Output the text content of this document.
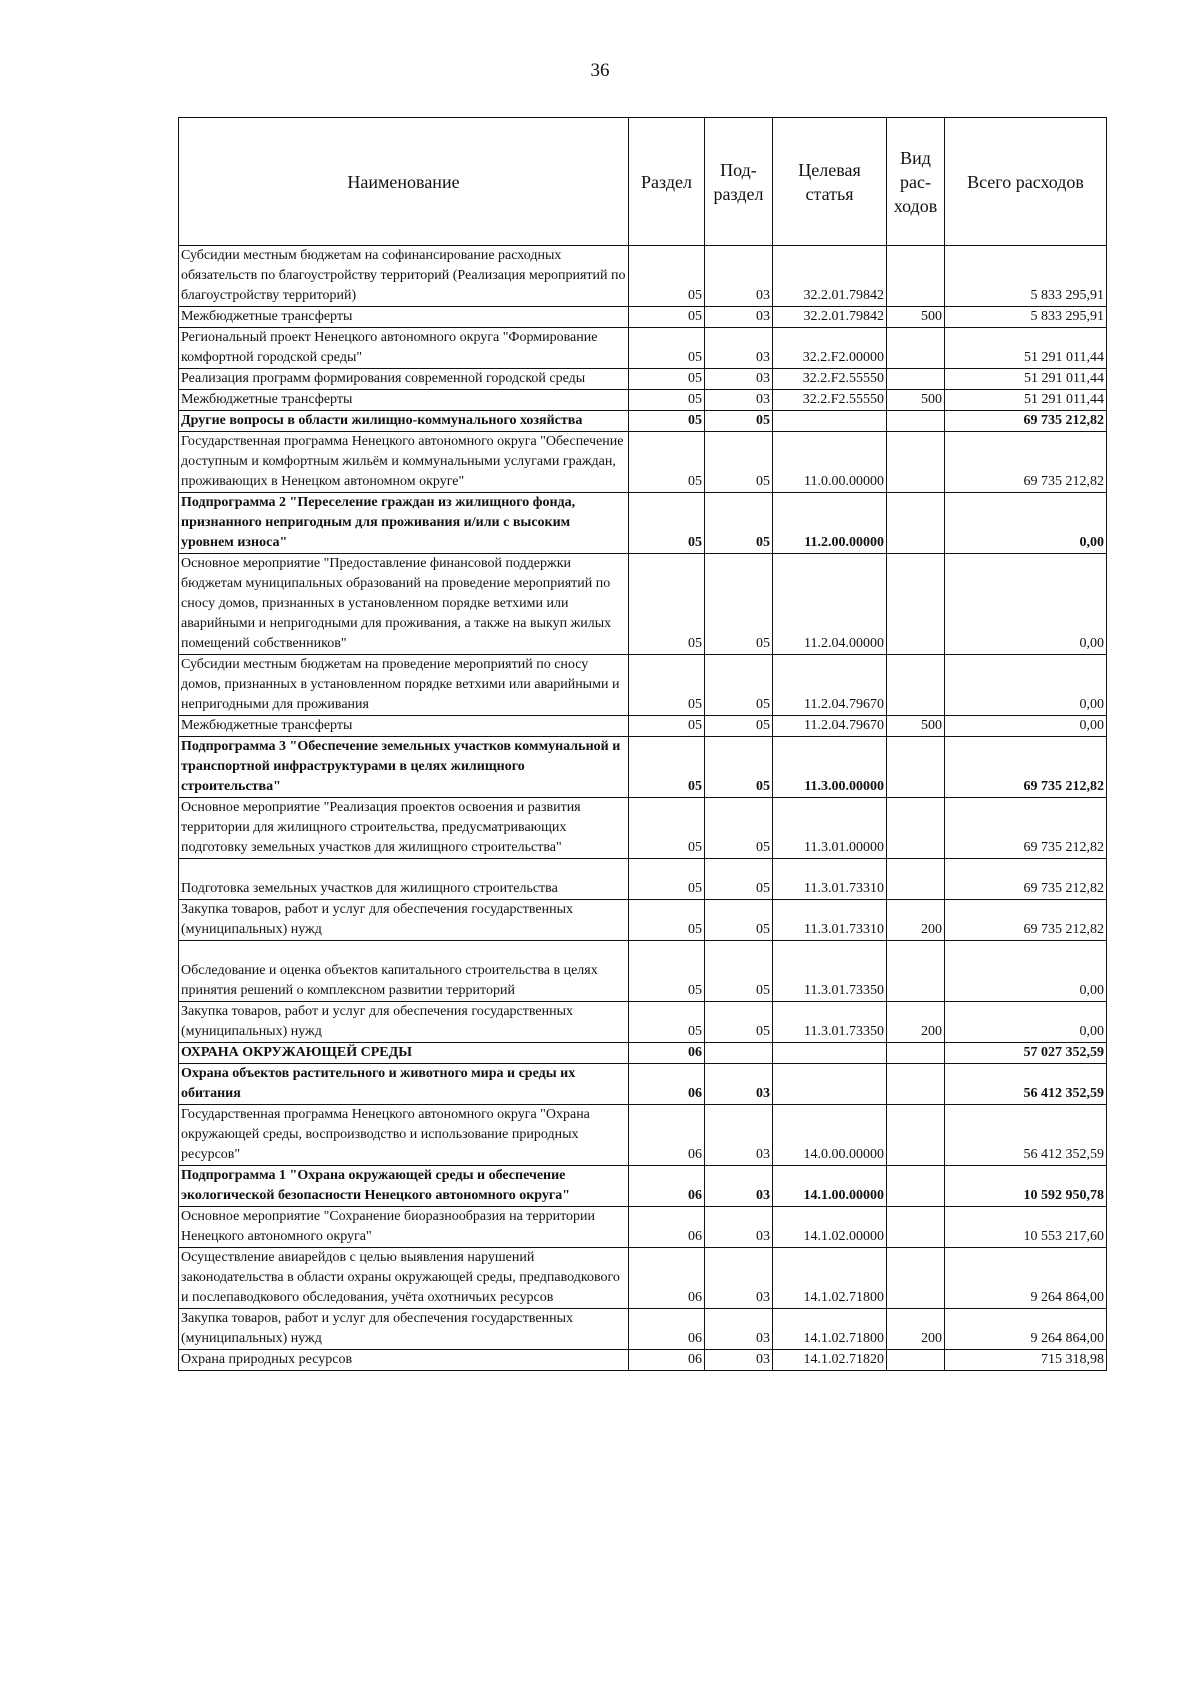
36
Наименование	Раздел	Под-раздел	Целевая статья	Вид рас-ходов	Всего расходов
Субсидии местным бюджетам на софинансирование расходных обязательств по благоустройству территорий (Реализация мероприятий по благоустройству территорий)	05	03	32.2.01.79842		5 833 295,91
Межбюджетные трансферты	05	03	32.2.01.79842	500	5 833 295,91
Региональный проект Ненецкого автономного округа "Формирование комфортной городской среды"	05	03	32.2.F2.00000		51 291 011,44
Реализация программ формирования современной городской среды	05	03	32.2.F2.55550		51 291 011,44
Межбюджетные трансферты	05	03	32.2.F2.55550	500	51 291 011,44
Другие вопросы в области жилищно-коммунального хозяйства	05	05			69 735 212,82
Государственная программа Ненецкого автономного округа "Обеспечение доступным и комфортным жильём и коммунальными услугами граждан, проживающих в Ненецком автономном округе"	05	05	11.0.00.00000		69 735 212,82
Подпрограмма 2 "Переселение граждан из жилищного фонда, признанного непригодным для проживания и/или с высоким уровнем износа"	05	05	11.2.00.00000		0,00
Основное мероприятие "Предоставление финансовой поддержки бюджетам муниципальных образований на проведение мероприятий по сносу домов, признанных в установленном порядке ветхими или аварийными и непригодными для проживания, а также на выкуп жилых помещений собственников"	05	05	11.2.04.00000		0,00
Субсидии местным бюджетам на проведение мероприятий по сносу домов, признанных в установленном порядке ветхими или аварийными и непригодными для проживания	05	05	11.2.04.79670		0,00
Межбюджетные трансферты	05	05	11.2.04.79670	500	0,00
Подпрограмма 3 "Обеспечение земельных участков коммунальной и транспортной инфраструктурами в целях жилищного строительства"	05	05	11.3.00.00000		69 735 212,82
Основное мероприятие "Реализация проектов освоения и развития территории для жилищного строительства, предусматривающих подготовку земельных участков для жилищного строительства"	05	05	11.3.01.00000		69 735 212,82
Подготовка земельных участков для жилищного строительства	05	05	11.3.01.73310		69 735 212,82
Закупка товаров, работ и услуг для обеспечения государственных (муниципальных) нужд	05	05	11.3.01.73310	200	69 735 212,82
Обследование и оценка объектов капитального строительства в целях принятия решений о комплексном развитии территорий	05	05	11.3.01.73350		0,00
Закупка товаров, работ и услуг для обеспечения государственных (муниципальных) нужд	05	05	11.3.01.73350	200	0,00
ОХРАНА ОКРУЖАЮЩЕЙ СРЕДЫ	06				57 027 352,59
Охрана объектов растительного и животного мира и среды их обитания	06	03			56 412 352,59
Государственная программа Ненецкого автономного округа "Охрана окружающей среды, воспроизводство и использование природных ресурсов"	06	03	14.0.00.00000		56 412 352,59
Подпрограмма 1 "Охрана окружающей среды и обеспечение экологической безопасности Ненецкого автономного округа"	06	03	14.1.00.00000		10 592 950,78
Основное мероприятие "Сохранение биоразнообразия на территории Ненецкого автономного округа"	06	03	14.1.02.00000		10 553 217,60
Осуществление авиарейдов с целью выявления нарушений законодательства в области охраны окружающей среды, предпаводкового и послепаводкового обследования, учёта охотничьих ресурсов	06	03	14.1.02.71800		9 264 864,00
Закупка товаров, работ и услуг для обеспечения государственных (муниципальных) нужд	06	03	14.1.02.71800	200	9 264 864,00
Охрана природных ресурсов	06	03	14.1.02.71820		715 318,98
